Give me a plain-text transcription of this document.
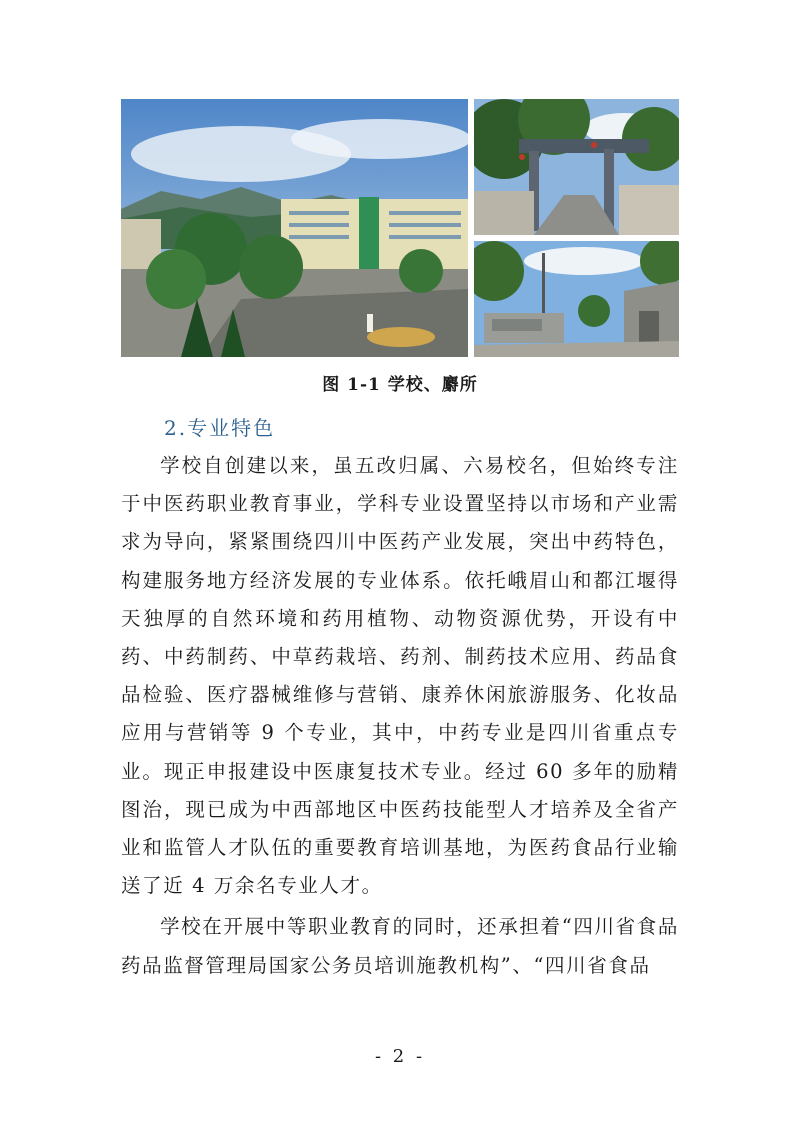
图 1-1 学校、麝所
2.专业特色

学校自创建以来，虽五改归属、六易校名，但始终专注于中医药职业教育事业，学科专业设置坚持以市场和产业需求为导向，紧紧围绕四川中医药产业发展，突出中药特色，构建服务地方经济发展的专业体系。依托峨眉山和都江堰得天独厚的自然环境和药用植物、动物资源优势，开设有中药、中药制药、中草药栽培、药剂、制药技术应用、药品食品检验、医疗器械维修与营销、康养休闲旅游服务、化妆品应用与营销等 9 个专业，其中，中药专业是四川省重点专业。现正申报建设中医康复技术专业。经过 60 多年的励精图治，现已成为中西部地区中医药技能型人才培养及全省产业和监管人才队伍的重要教育培训基地，为医药食品行业输送了近 4 万余名专业人才。

学校在开展中等职业教育的同时，还承担着“四川省食品药品监督管理局国家公务员培训施教机构”、“四川省食品

- 2 -
